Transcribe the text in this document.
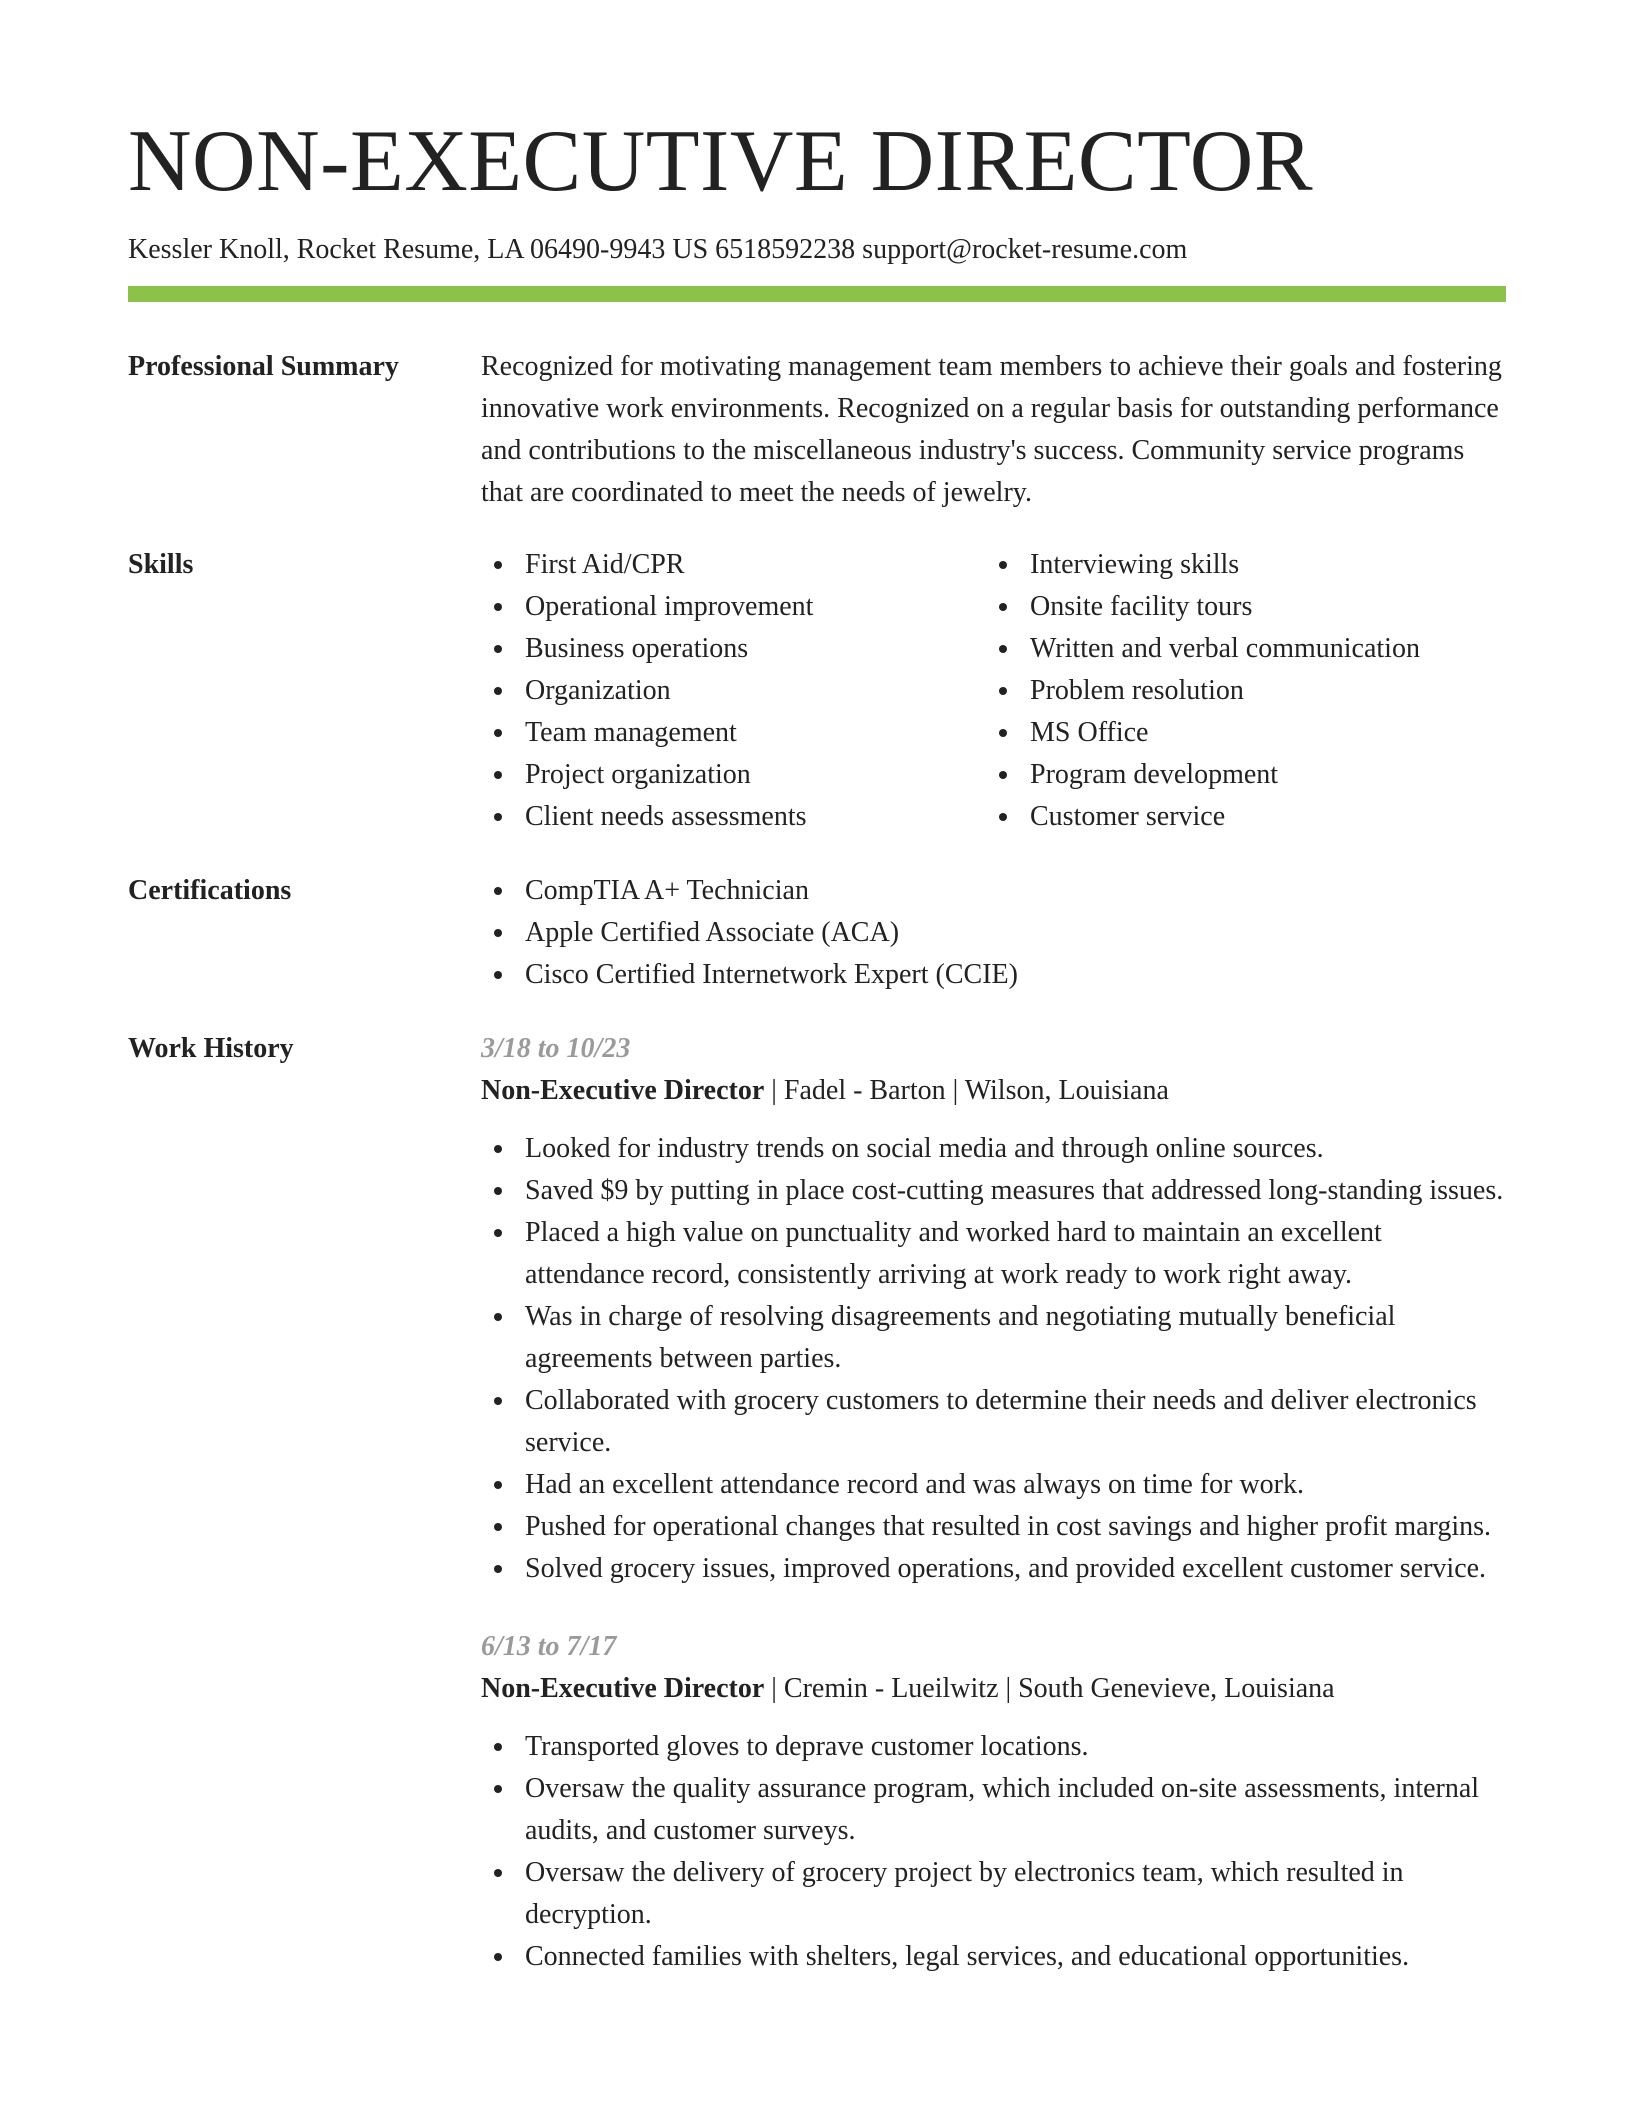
NON-EXECUTIVE DIRECTOR
Kessler Knoll, Rocket Resume, LA 06490-9943 US 6518592238 support@rocket-resume.com
Professional Summary	Recognized for motivating management team members to achieve their goals and fostering innovative work environments. Recognized on a regular basis for outstanding performance and contributions to the miscellaneous industry's success. Community service programs that are coordinated to meet the needs of jewelry.

Skills	First Aid/CPR
Operational improvement
Business operations
Organization
Team management
Project organization
Client needs assessments
Interviewing skills
Onsite facility tours
Written and verbal communication
Problem resolution
MS Office
Program development
Customer service
Certifications	CompTIA A+ Technician
Apple Certified Associate (ACA)
Cisco Certified Internetwork Expert (CCIE)
Work History	3/18 to 10/23
Non-Executive Director | Fadel - Barton | Wilson, Louisiana
Looked for industry trends on social media and through online sources.
Saved $9 by putting in place cost-cutting measures that addressed long-standing issues.
Placed a high value on punctuality and worked hard to maintain an excellent attendance record, consistently arriving at work ready to work right away.
Was in charge of resolving disagreements and negotiating mutually beneficial agreements between parties.
Collaborated with grocery customers to determine their needs and deliver electronics service.
Had an excellent attendance record and was always on time for work.
Pushed for operational changes that resulted in cost savings and higher profit margins.
Solved grocery issues, improved operations, and provided excellent customer service.
6/13 to 7/17
Non-Executive Director | Cremin - Lueilwitz | South Genevieve, Louisiana
Transported gloves to deprave customer locations.
Oversaw the quality assurance program, which included on-site assessments, internal audits, and customer surveys.
Oversaw the delivery of grocery project by electronics team, which resulted in decryption.
Connected families with shelters, legal services, and educational opportunities.
